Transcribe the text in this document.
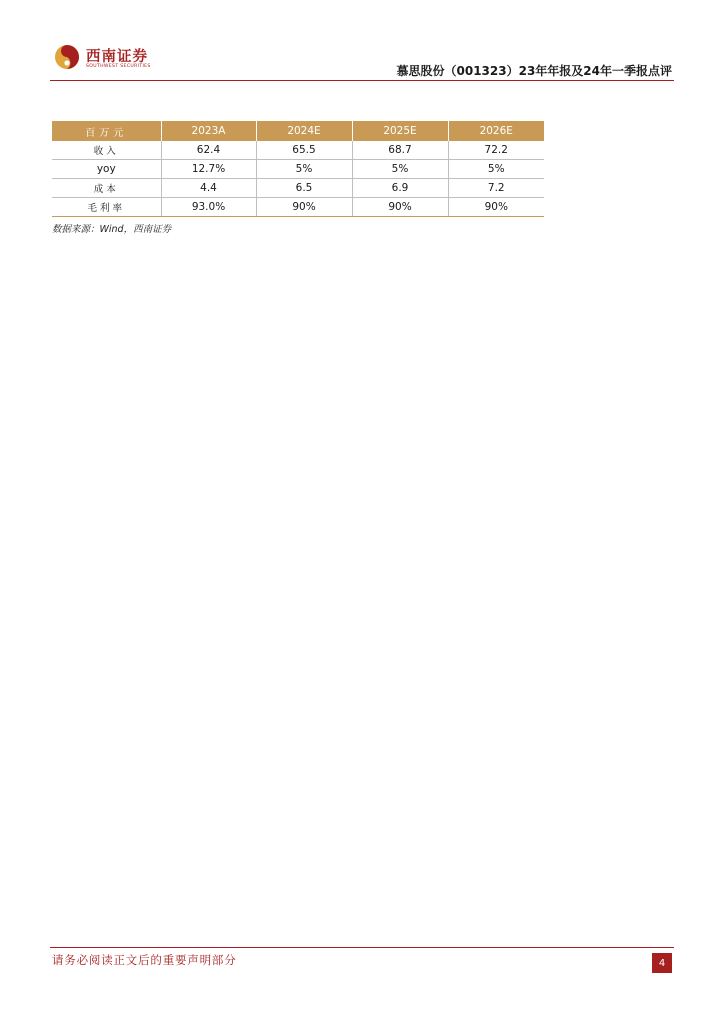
西南证券
SOUTHWEST SECURITIES	慕思股份（001323）23年年报及24年一季报点评
百万元	2023A	2024E	2025E	2026E
收入	62.4	65.5	68.7	72.2
yoy	12.7%	5%	5%	5%
成本	4.4	6.5	6.9	7.2
毛利率	93.0%	90%	90%	90%
数据来源：Wind，西南证券
请务必阅读正文后的重要声明部分	4
